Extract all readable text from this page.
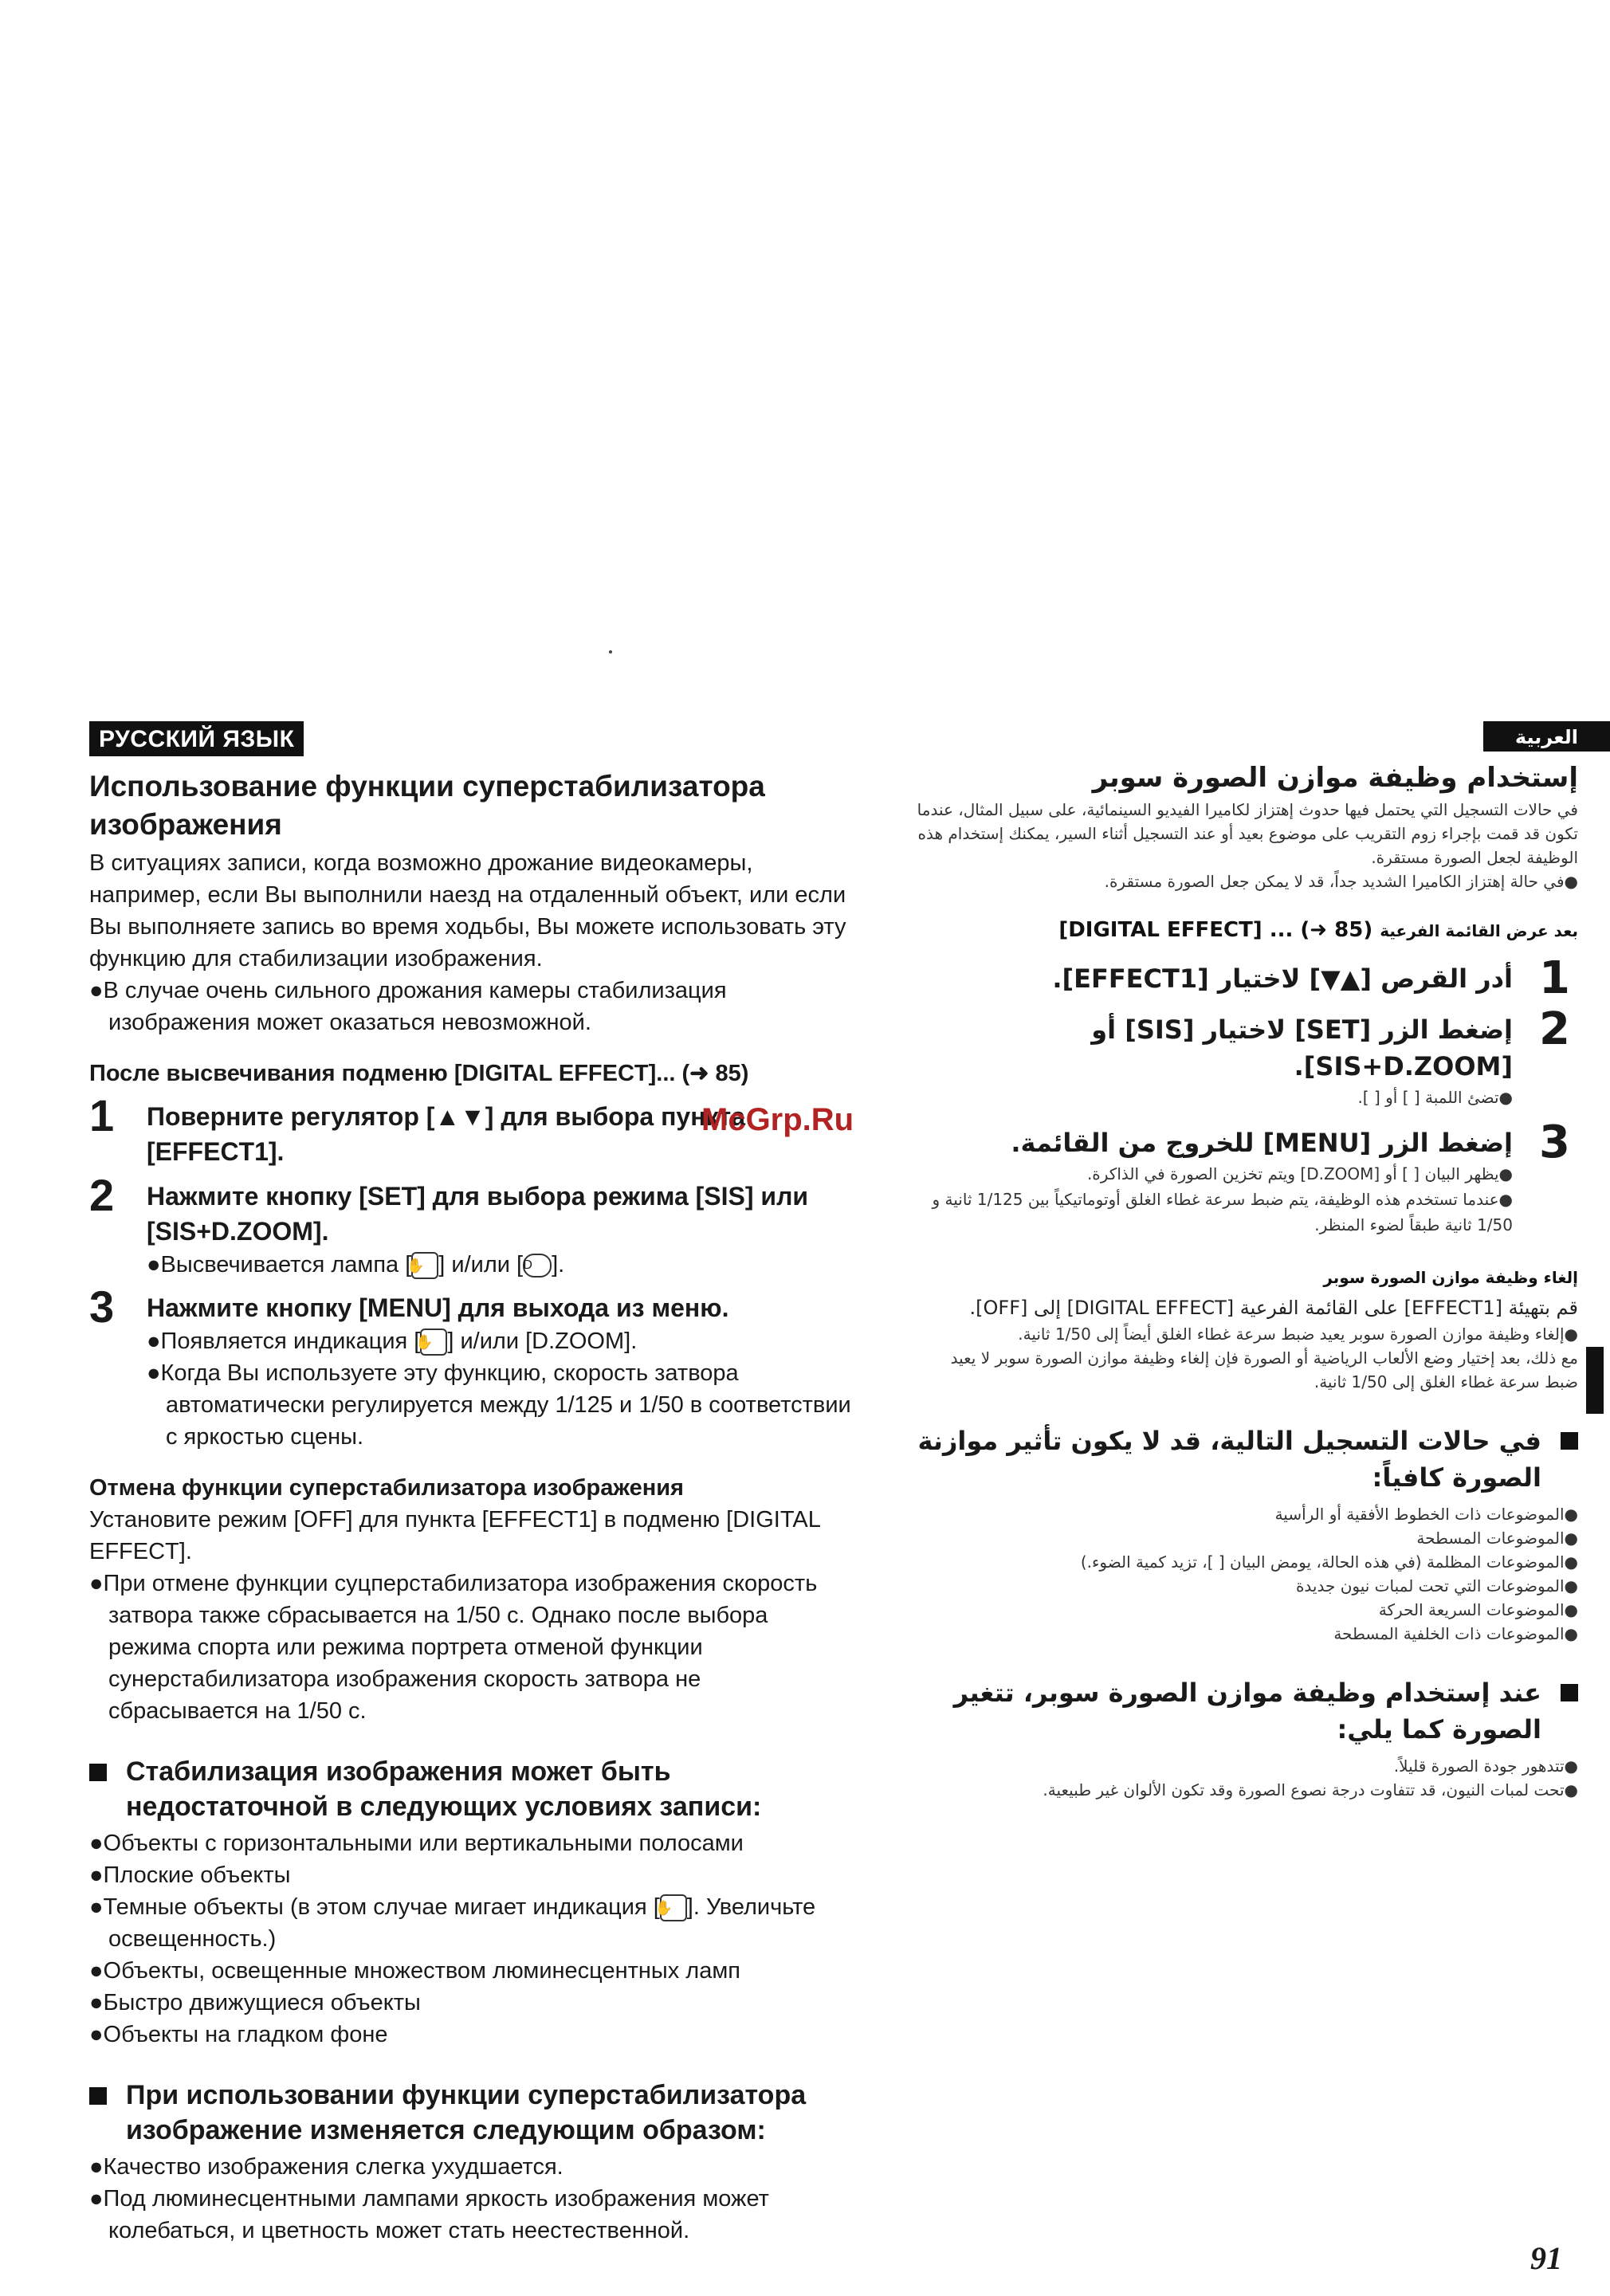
РУССКИЙ ЯЗЫК
Использование функции суперстабилизатора изображения

В ситуациях записи, когда возможно дрожание видеокамеры, например, если Вы выполнили наезд на отдаленный объект, или если Вы выполняете запись во время ходьбы, Вы можете использовать эту функцию для стабилизации изображения.

●В случае очень сильного дрожания камеры стабилизация изображения может оказаться невозможной.

После высвечивания подменю [DIGITAL EFFECT]... (➜ 85)

1 Поверните регулятор [▲▼] для выбора пункта [EFFECT1].
2 Нажмите кнопку [SET] для выбора режима [SIS] или [SIS+D.ZOOM].
●Высвечивается лампа [✋ ] и/или [D ].
3 Нажмите кнопку [MENU] для выхода из меню.
●Появляется индикация [✋ ] и/или [D.ZOOM].
●Когда Вы используете эту функцию, скорость затвора автоматически регулируется между 1/125 и 1/50 в соответствии с яркостью сцены.

Отмена функции суперстабилизатора изображения

Установите режим [OFF] для пункта [EFFECT1] в подменю [DIGITAL EFFECT].

●При отмене функции суцперстабилизатора изображения скорость затвора также сбрасывается на 1/50 с. Однако после выбора режима спорта или режима портрета отменой функции сунерстабилизатора изображения скорость затвора не сбрасывается на 1/50 с.

Стабилизация изображения может быть недостаточной в следующих условиях записи:

●Объекты с горизонтальными или вертикальными полосами

●Плоские объекты

●Темные объекты (в этом случае мигает индикация [✋ ]. Увеличьте освещенность.)

●Объекты, освещенные множеством люминесцентных ламп

●Быстро движущиеся объекты

●Объекты на гладком фоне

При использовании функции суперстабилизатора изображение изменяется следующим образом:

●Качество изображения слегка ухудшается.

●Под люминесцентными лампами яркость изображения может колебаться, и цветность может стать неестественной.

العربية
إستخدام وظيفة موازن الصورة سوبر

في حالات التسجيل التي يحتمل فيها حدوث إهتزاز لكاميرا الفيديو السينمائية، على سبيل المثال، عندما تكون قد قمت بإجراء زوم التقريب على موضوع بعيد أو عند التسجيل أثناء السير، يمكنك إستخدام هذه الوظيفة لجعل الصورة مستقرة.

●في حالة إهتزاز الكاميرا الشديد جداً، قد لا يمكن جعل الصورة مستقرة.

بعد عرض القائمة الفرعية [DIGITAL EFFECT] ... (➜ 85)

1
أدر القرص [▲▼] لاختيار [EFFECT1].
2
إضغط الزر [SET] لاختيار [SIS] أو [SIS+D.ZOOM].
●تضئ اللمبة [ ] أو [ ].
3
إضغط الزر [MENU] للخروج من القائمة.
●يظهر البيان [ ] أو [D.ZOOM] ويتم تخزين الصورة في الذاكرة.
●عندما تستخدم هذه الوظيفة، يتم ضبط سرعة غطاء الغلق أوتوماتيكياً بين 1/125 ثانية و 1/50 ثانية طبقاً لضوء المنظر.

إلغاء وظيفة موازن الصورة سوبر

قم بتهيئة [EFFECT1] على القائمة الفرعية [DIGITAL EFFECT] إلى [OFF].

●إلغاء وظيفة موازن الصورة سوبر يعيد ضبط سرعة غطاء الغلق أيضاً إلى 1/50 ثانية.

مع ذلك، بعد إختيار وضع الألعاب الرياضية أو الصورة فإن إلغاء وظيفة موازن الصورة سوبر لا يعيد ضبط سرعة غطاء الغلق إلى 1/50 ثانية.

في حالات التسجيل التالية، قد لا يكون تأثير موازنة الصورة كافياً:

●الموضوعات ذات الخطوط الأفقية أو الرأسية

●الموضوعات المسطحة

●الموضوعات المظلمة (في هذه الحالة، يومض البيان [ ]، تزيد كمية الضوء.)

●الموضوعات التي تحت لمبات نيون جديدة

●الموضوعات السريعة الحركة

●الموضوعات ذات الخلفية المسطحة

عند إستخدام وظيفة موازن الصورة سوبر، تتغير الصورة كما يلي:

●تتدهور جودة الصورة قليلاً.

●تحت لمبات النيون، قد تتفاوت درجة نصوع الصورة وقد تكون الألوان غير طبيعية.

McGrp.Ru
91
